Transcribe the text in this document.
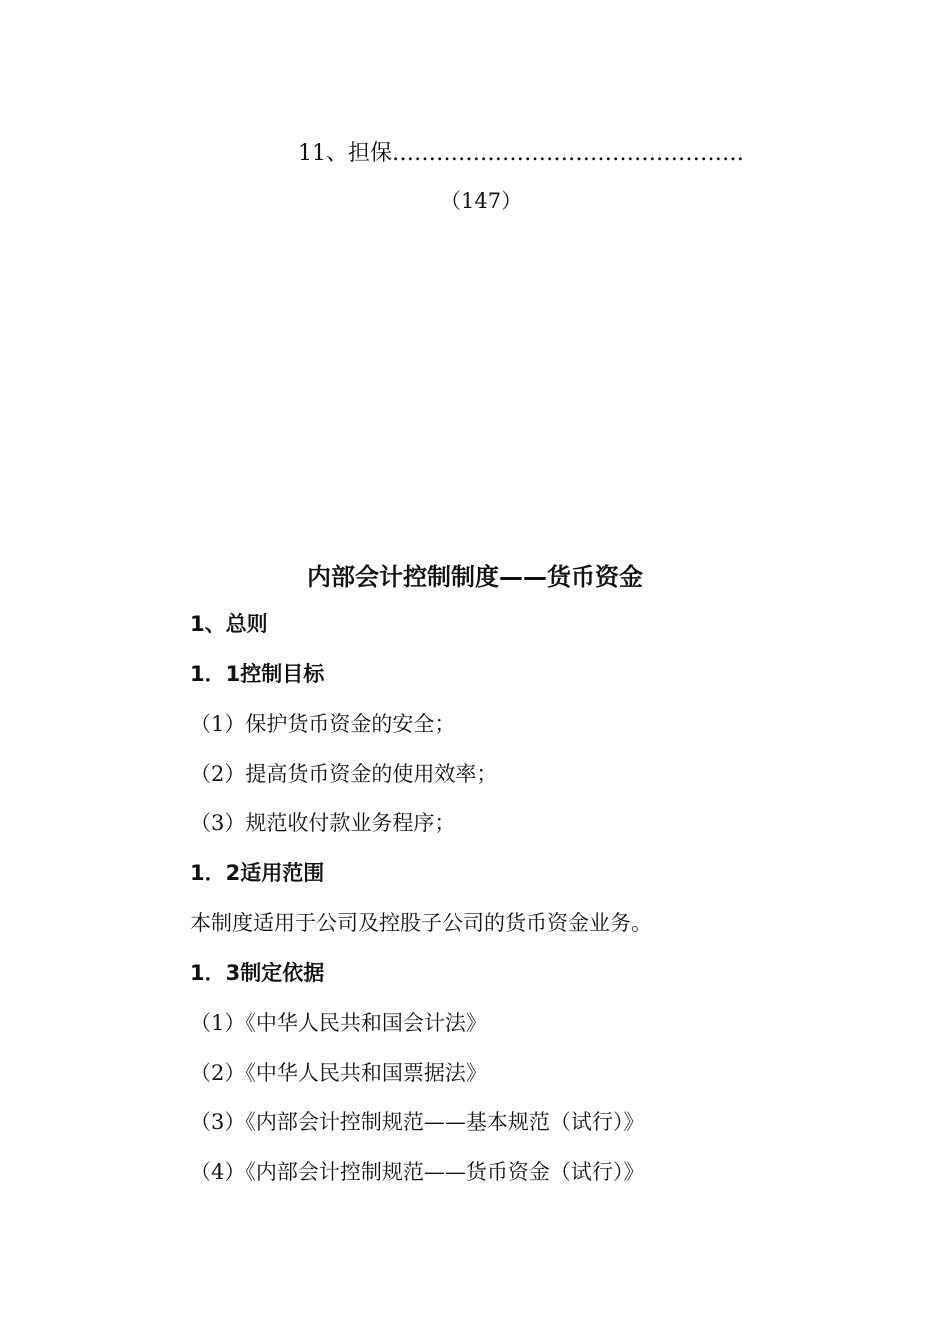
11、担保…………………………………………
（147）
内部会计控制制度——货币资金
1、总则
1．1控制目标
（1）保护货币资金的安全；
（2）提高货币资金的使用效率；
（3）规范收付款业务程序；
1．2适用范围
本制度适用于公司及控股子公司的货币资金业务。
1．3制定依据
（1）《中华人民共和国会计法》
（2）《中华人民共和国票据法》
（3）《内部会计控制规范——基本规范（试行）》
（4）《内部会计控制规范——货币资金（试行）》
